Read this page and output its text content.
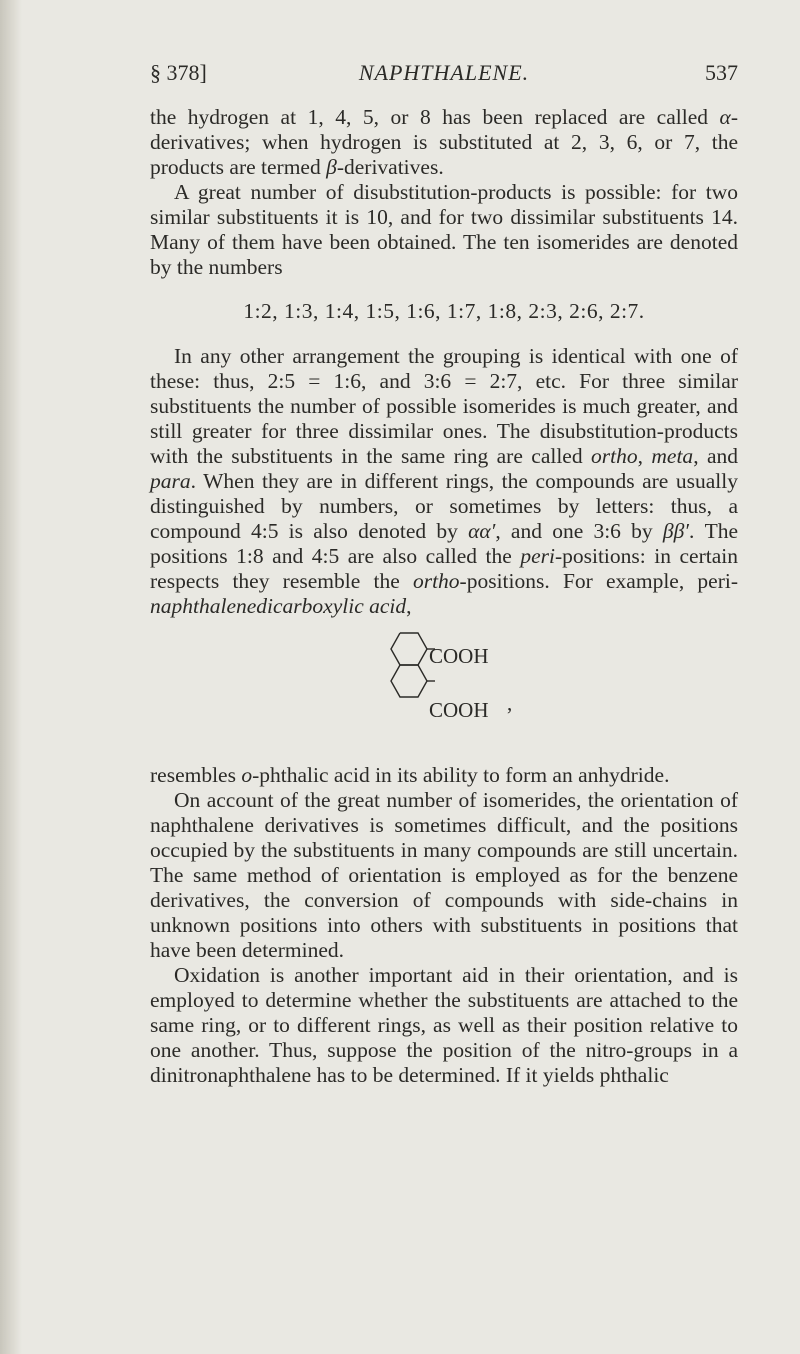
§ 378]	NAPHTHALENE.	537

the hydrogen at 1, 4, 5, or 8 has been replaced are called α-derivatives; when hydrogen is substituted at 2, 3, 6, or 7, the products are termed β-derivatives.

A great number of disubstitution-products is possible: for two similar substituents it is 10, and for two dissimilar substituents 14. Many of them have been obtained. The ten isomerides are denoted by the numbers

1:2, 1:3, 1:4, 1:5, 1:6, 1:7, 1:8, 2:3, 2:6, 2:7.

In any other arrangement the grouping is identical with one of these: thus, 2:5 = 1:6, and 3:6 = 2:7, etc. For three similar substituents the number of possible isomerides is much greater, and still greater for three dissimilar ones. The disubstitution-products with the substituents in the same ring are called ortho, meta, and para. When they are in different rings, the compounds are usually distinguished by numbers, or sometimes by letters: thus, a compound 4:5 is also denoted by αα′, and one 3:6 by ββ′. The positions 1:8 and 4:5 are also called the peri-positions: in certain respects they resemble the ortho-positions. For example, peri-naphthalenedicarboxylic acid,

COOH
COOH ,

resembles o-phthalic acid in its ability to form an anhydride.

On account of the great number of isomerides, the orientation of naphthalene derivatives is sometimes difficult, and the positions occupied by the substituents in many compounds are still uncertain. The same method of orientation is employed as for the benzene derivatives, the conversion of compounds with side-chains in unknown positions into others with substituents in positions that have been determined.

Oxidation is another important aid in their orientation, and is employed to determine whether the substituents are attached to the same ring, or to different rings, as well as their position relative to one another. Thus, suppose the position of the nitro-groups in a dinitronaphthalene has to be determined. If it yields phthalic
